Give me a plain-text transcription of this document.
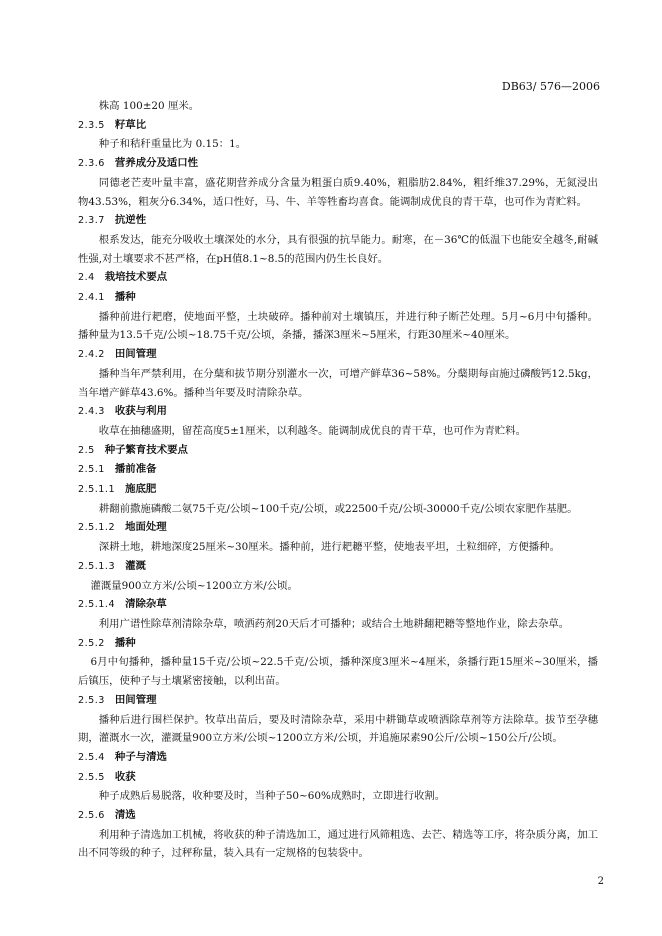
DB63/ 576—2006

株高 100±20 厘米。

2.3.5 籽草比

种子和秸秆重量比为 0.15：1。

2.3.6 营养成分及适口性

同德老芒麦叶量丰富，盛花期营养成分含量为粗蛋白质9.40%，粗脂肪2.84%，粗纤维37.29%，无氮浸出物43.53%，粗灰分6.34%，适口性好，马、牛、羊等牲畜均喜食。能调制成优良的青干草，也可作为青贮料。

2.3.7 抗逆性

根系发达，能充分吸收土壤深处的水分，具有很强的抗旱能力。耐寒，在－36℃的低温下也能安全越冬,耐碱性强,对土壤要求不甚严格，在pH值8.1~8.5的范围内仍生长良好。

2.4 栽培技术要点
2.4.1 播种

播种前进行耙磨，使地面平整，土块破碎。播种前对土壤镇压，并进行种子断芒处理。5月~6月中旬播种。播种量为13.5千克/公顷~18.75千克/公顷，条播，播深3厘米~5厘米，行距30厘米~40厘米。

2.4.2 田间管理

播种当年严禁利用，在分蘖和拔节期分别灌水一次，可增产鲜草36~58%。分蘖期每亩施过磷酸钙12.5kg，当年增产鲜草43.6%。播种当年要及时清除杂草。

2.4.3 收获与利用

收草在抽穗盛期，留茬高度5±1厘米，以利越冬。能调制成优良的青干草，也可作为青贮料。

2.5 种子繁育技术要点
2.5.1 播前准备
2.5.1.1 施底肥

耕翻前撒施磷酸二氨75千克/公顷~100千克/公顷，或22500千克/公顷-30000千克/公顷农家肥作基肥。

2.5.1.2 地面处理

深耕土地，耕地深度25厘米~30厘米。播种前，进行耙耱平整，使地表平坦，土粒细碎，方便播种。

2.5.1.3 灌溉

灌溉量900立方米/公顷~1200立方米/公顷。

2.5.1.4 清除杂草

利用广谱性除草剂清除杂草，喷洒药剂20天后才可播种；或结合土地耕翻耙耱等整地作业，除去杂草。

2.5.2 播种

6月中旬播种，播种量15千克/公顷~22.5千克/公顷，播种深度3厘米~4厘米，条播行距15厘米~30厘米，播后镇压，使种子与土壤紧密接触，以利出苗。

2.5.3 田间管理

播种后进行围栏保护。牧草出苗后，要及时清除杂草，采用中耕锄草或喷洒除草剂等方法除草。拔节至孕穗期，灌溉水一次，灌溉量900立方米/公顷~1200立方米/公顷，并追施尿素90公斤/公顷~150公斤/公顷。

2.5.4 种子与清选
2.5.5 收获

种子成熟后易脱落，收种要及时，当种子50~60%成熟时，立即进行收割。

2.5.6 清选

利用种子清选加工机械，将收获的种子清选加工，通过进行风筛粗选、去芒、精选等工序，将杂质分离，加工出不同等级的种子，过秤称量，装入具有一定规格的包装袋中。

2
